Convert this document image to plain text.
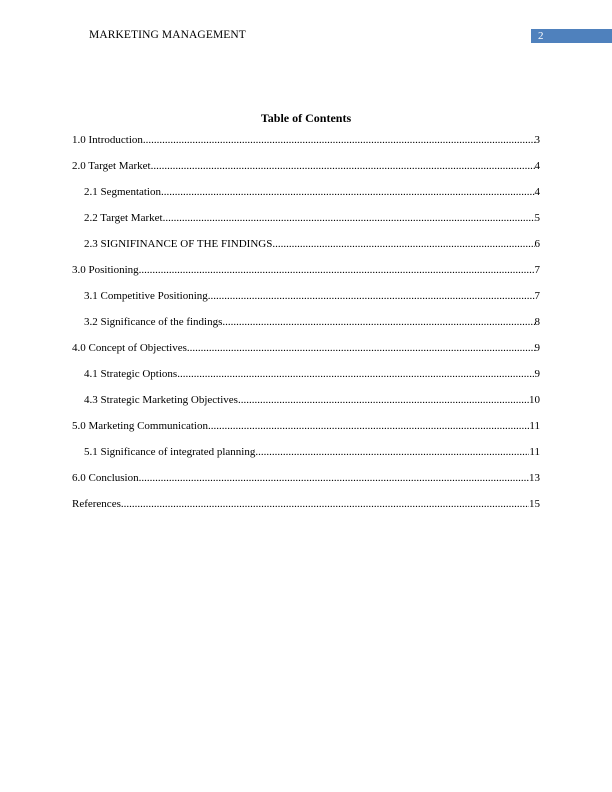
MARKETING MANAGEMENT	2
Table of Contents
1.0 Introduction .....	3
2.0 Target Market .....	4
2.1 Segmentation .....	4
2.2 Target Market .....	5
2.3 SIGNIFINANCE OF THE FINDINGS .....	6
3.0 Positioning .....	7
3.1 Competitive Positioning .....	7
3.2 Significance of the findings .....	8
4.0 Concept of Objectives .....	9
4.1 Strategic Options .....	9
4.3 Strategic Marketing Objectives .....	10
5.0 Marketing Communication .....	11
5.1 Significance of integrated planning .....	11
6.0 Conclusion .....	13
References .....	15
